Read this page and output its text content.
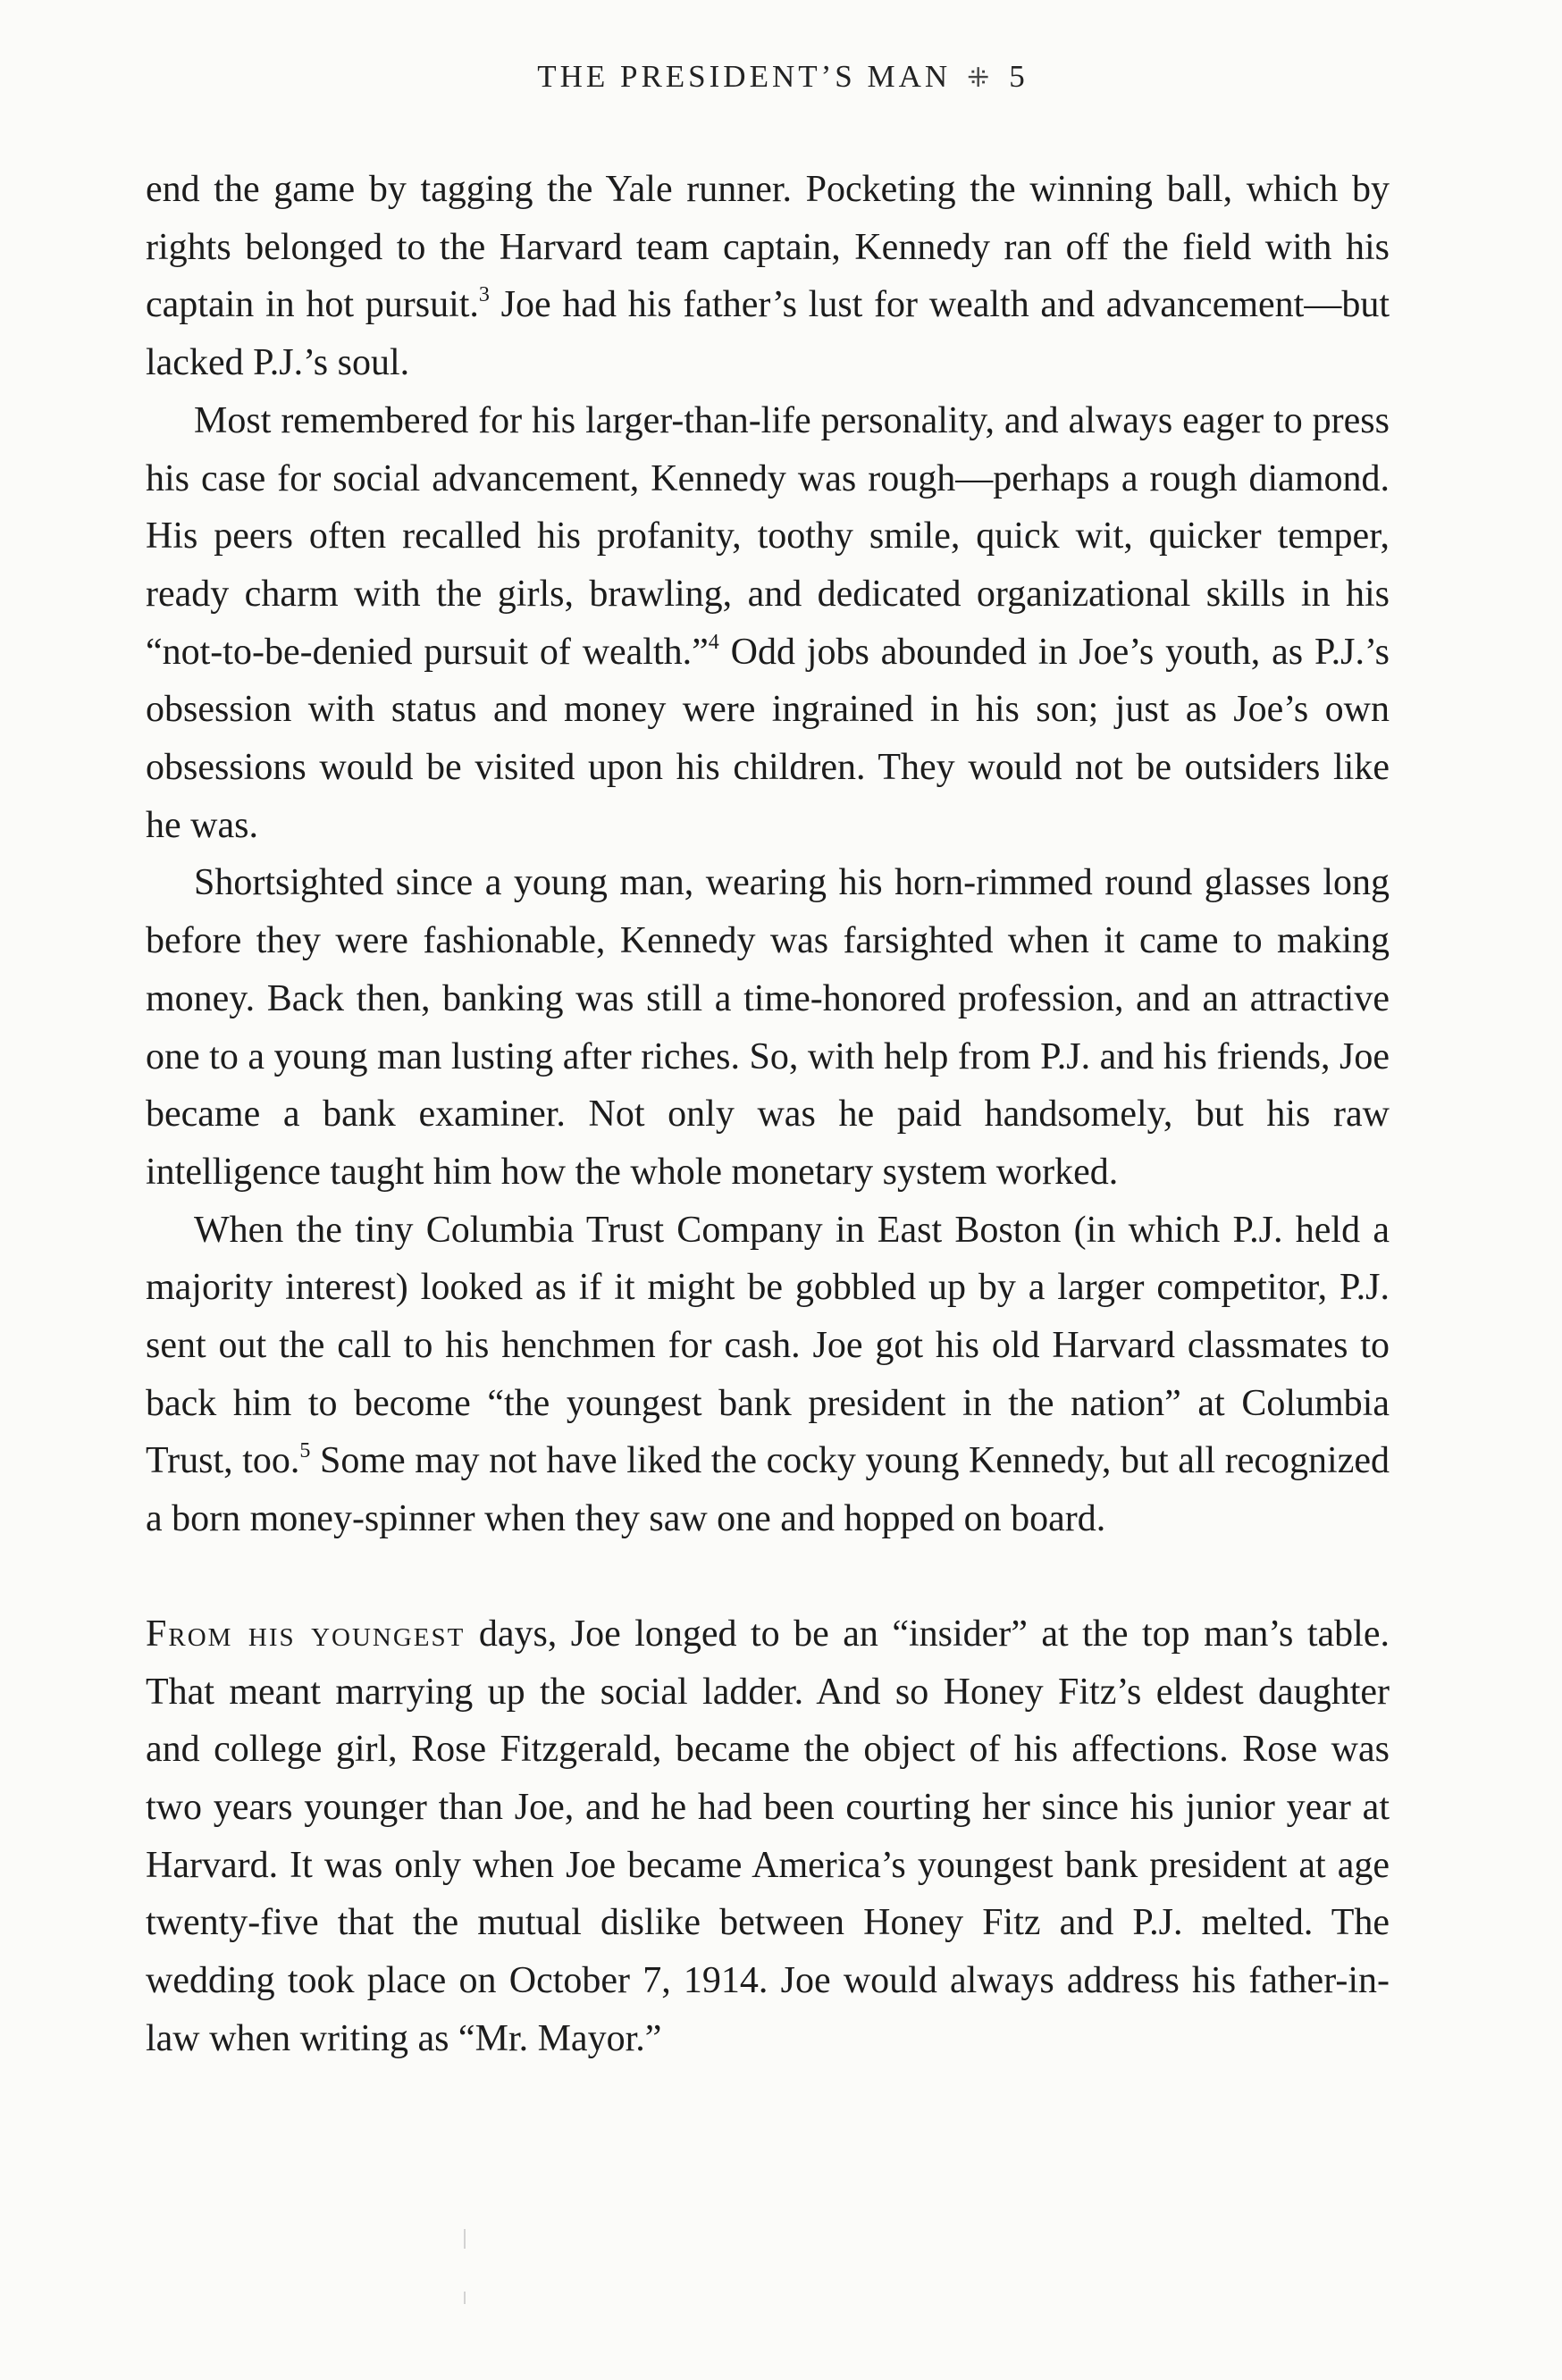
THE PRESIDENT’S MAN ⁜ 5

end the game by tagging the Yale runner. Pocketing the winning ball, which by rights belonged to the Harvard team captain, Kennedy ran off the field with his captain in hot pursuit.$^3$ Joe had his father’s lust for wealth and advancement—but lacked P.J.’s soul.

Most remembered for his larger-than-life personality, and always eager to press his case for social advancement, Kennedy was rough—perhaps a rough diamond. His peers often recalled his profanity, toothy smile, quick wit, quicker temper, ready charm with the girls, brawling, and dedicated organizational skills in his “not-to-be-denied pursuit of wealth.”$^4$ Odd jobs abounded in Joe’s youth, as P.J.’s obsession with status and money were ingrained in his son; just as Joe’s own obsessions would be visited upon his children. They would not be outsiders like he was.

Shortsighted since a young man, wearing his horn-rimmed round glasses long before they were fashionable, Kennedy was farsighted when it came to making money. Back then, banking was still a time-honored profession, and an attractive one to a young man lusting after riches. So, with help from P.J. and his friends, Joe became a bank examiner. Not only was he paid handsomely, but his raw intelligence taught him how the whole monetary system worked.

When the tiny Columbia Trust Company in East Boston (in which P.J. held a majority interest) looked as if it might be gobbled up by a larger competitor, P.J. sent out the call to his henchmen for cash. Joe got his old Harvard classmates to back him to become “the youngest bank president in the nation” at Columbia Trust, too.$^5$ Some may not have liked the cocky young Kennedy, but all recognized a born money-spinner when they saw one and hopped on board.

From his youngest days, Joe longed to be an “insider” at the top man’s table. That meant marrying up the social ladder. And so Honey Fitz’s eldest daughter and college girl, Rose Fitzgerald, became the object of his affections. Rose was two years younger than Joe, and he had been courting her since his junior year at Harvard. It was only when Joe became America’s youngest bank president at age twenty-five that the mutual dislike between Honey Fitz and P.J. melted. The wedding took place on October 7, 1914. Joe would always address his father-in-law when writing as “Mr. Mayor.”
